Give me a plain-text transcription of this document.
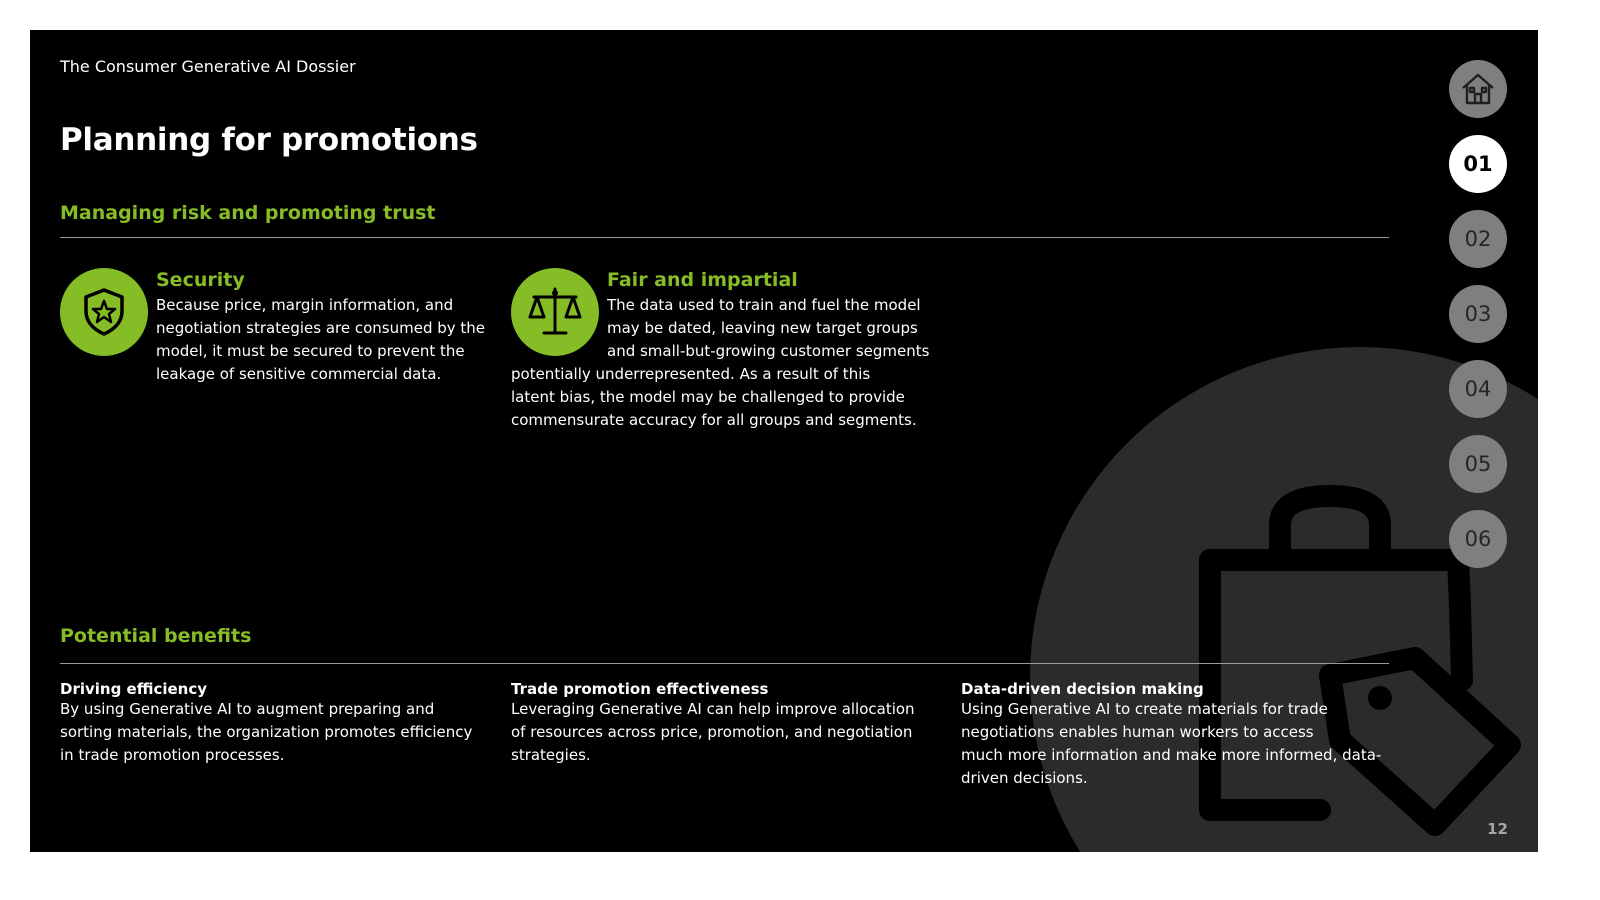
The Consumer Generative AI Dossier
Planning for promotions
Managing risk and promoting trust
Security
Because price, margin information, and
negotiation strategies are consumed by the
model, it must be secured to prevent the
leakage of sensitive commercial data.
Fair and impartial
The data used to train and fuel the model
may be dated, leaving new target groups
and small-but-growing customer segments
potentially underrepresented. As a result of this
latent bias, the model may be challenged to provide
commensurate accuracy for all groups and segments.
Potential benefits
Driving efficiency
By using Generative AI to augment preparing and
sorting materials, the organization promotes efficiency
in trade promotion processes.
Trade promotion effectiveness
Leveraging Generative AI can help improve allocation
of resources across price, promotion, and negotiation
strategies.
Data-driven decision making
Using Generative AI to create materials for trade
negotiations enables human workers to access
much more information and make more informed, data-
driven decisions.
01
02
03
04
05
06
12
